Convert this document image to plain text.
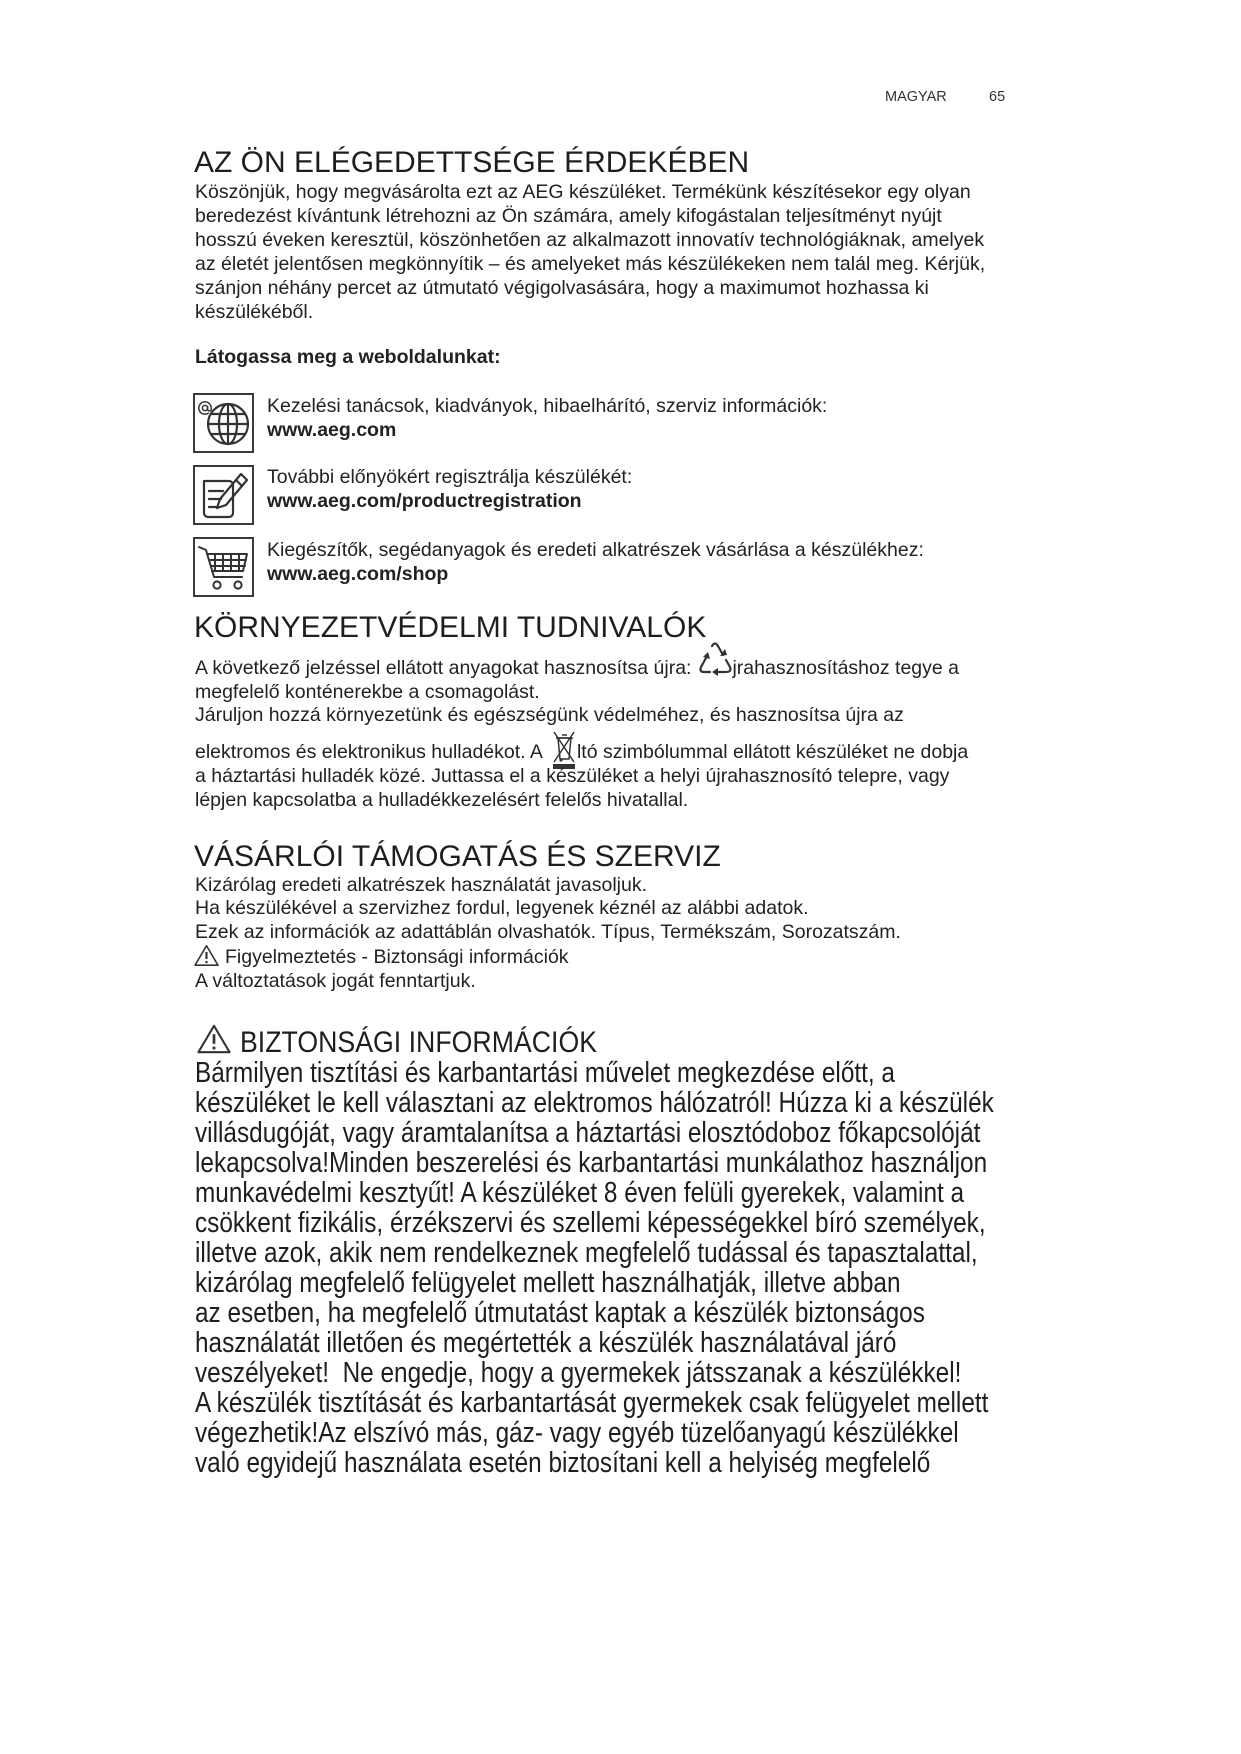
MAGYAR	65
AZ ÖN ELÉGEDETTSÉGE ÉRDEKÉBEN
Köszönjük, hogy megvásárolta ezt az AEG készüléket. Termékünk készítésekor egy olyan
beredezést kívántunk létrehozni az Ön számára, amely kifogástalan teljesítményt nyújt
hosszú éveken keresztül, köszönhetően az alkalmazott innovatív technológiáknak, amelyek
az életét jelentősen megkönnyítik – és amelyeket más készülékeken nem talál meg. Kérjük,
szánjon néhány percet az útmutató végigolvasására, hogy a maximumot hozhassa ki
készülékéből.
Látogassa meg a weboldalunkat:
Kezelési tanácsok, kiadványok, hibaelhárító, szerviz információk:
www.aeg.com
További előnyökért regisztrálja készülékét:
www.aeg.com/productregistration
Kiegészítők, segédanyagok és eredeti alkatrészek vásárlása a készülékhez:
www.aeg.com/shop
KÖRNYEZETVÉDELMI TUDNIVALÓK
A következő jelzéssel ellátott anyagokat hasznosítsa újra: jrahasznosításhoz tegye a
megfelelő konténerekbe a csomagolást.
Járuljon hozzá környezetünk és egészségünk védelméhez, és hasznosítsa újra az
elektromos és elektronikus hulladékot. A ltó szimbólummal ellátott készüléket ne dobja
a háztartási hulladék közé. Juttassa el a készüléket a helyi újrahasznosító telepre, vagy
lépjen kapcsolatba a hulladékkezelésért felelős hivatallal.
VÁSÁRLÓI TÁMOGATÁS ÉS SZERVIZ
Kizárólag eredeti alkatrészek használatát javasoljuk.
Ha készülékével a szervizhez fordul, legyenek kéznél az alábbi adatok.
Ezek az információk az adattáblán olvashatók. Típus, Termékszám, Sorozatszám.
Figyelmeztetés - Biztonsági információk
A változtatások jogát fenntartjuk.
BIZTONSÁGI INFORMÁCIÓK
Bármilyen tisztítási és karbantartási művelet megkezdése előtt, a
készüléket le kell választani az elektromos hálózatról! Húzza ki a készülék
villásdugóját, vagy áramtalanítsa a háztartási elosztódoboz főkapcsolóját
lekapcsolva!Minden beszerelési és karbantartási munkálathoz használjon
munkavédelmi kesztyűt! A készüléket 8 éven felüli gyerekek, valamint a
csökkent fizikális, érzékszervi és szellemi képességekkel bíró személyek,
illetve azok, akik nem rendelkeznek megfelelő tudással és tapasztalattal,
kizárólag megfelelő felügyelet mellett használhatják, illetve abban
az esetben, ha megfelelő útmutatást kaptak a készülék biztonságos
használatát illetően és megértették a készülék használatával járó
veszélyeket!  Ne engedje, hogy a gyermekek játsszanak a készülékkel!
A készülék tisztítását és karbantartását gyermekek csak felügyelet mellett
végezhetik!Az elszívó más, gáz- vagy egyéb tüzelőanyagú készülékkel
való egyidejű használata esetén biztosítani kell a helyiség megfelelő
